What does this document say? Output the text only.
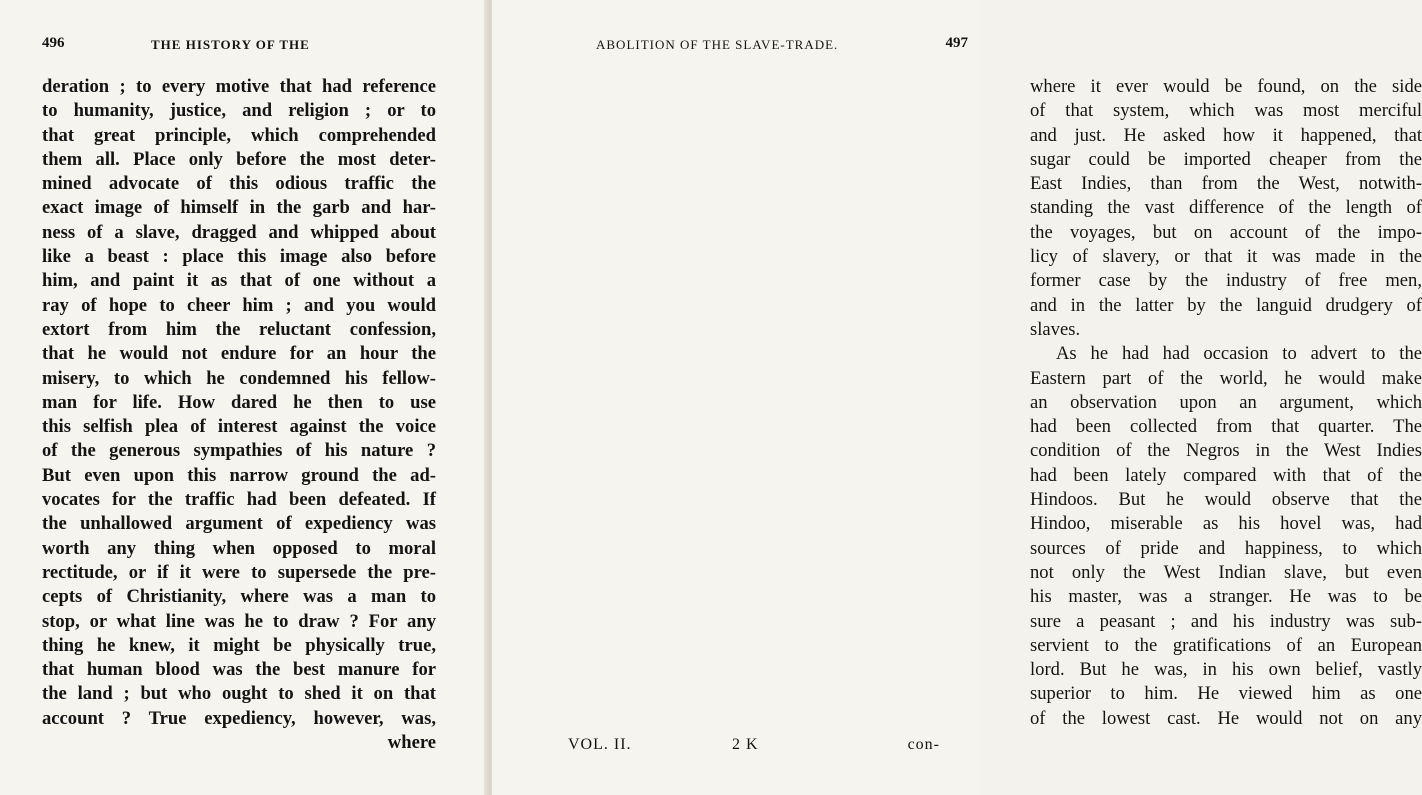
496	THE HISTORY OF THE
deration ; to every motive that had reference
to humanity, justice, and religion ; or to
that great principle, which comprehended
them all. Place only before the most deter-
mined advocate of this odious traffic the
exact image of himself in the garb and har-
ness of a slave, dragged and whipped about
like a beast : place this image also before
him, and paint it as that of one without a
ray of hope to cheer him ; and you would
extort from him the reluctant confession,
that he would not endure for an hour the
misery, to which he condemned his fellow-
man for life. How dared he then to use
this selfish plea of interest against the voice
of the generous sympathies of his nature ?
But even upon this narrow ground the ad-
vocates for the traffic had been defeated. If
the unhallowed argument of expediency was
worth any thing when opposed to moral
rectitude, or if it were to supersede the pre-
cepts of Christianity, where was a man to
stop, or what line was he to draw ? For any
thing he knew, it might be physically true,
that human blood was the best manure for
the land ; but who ought to shed it on that
account ? True expediency, however, was,
where
ABOLITION OF THE SLAVE-TRADE.	497
where it ever would be found, on the side
of that system, which was most merciful
and just. He asked how it happened, that
sugar could be imported cheaper from the
East Indies, than from the West, notwith-
standing the vast difference of the length of
the voyages, but on account of the impo-
licy of slavery, or that it was made in the
former case by the industry of free men,
and in the latter by the languid drudgery of
slaves.
As he had had occasion to advert to the
Eastern part of the world, he would make
an observation upon an argument, which
had been collected from that quarter. The
condition of the Negros in the West Indies
had been lately compared with that of the
Hindoos. But he would observe that the
Hindoo, miserable as his hovel was, had
sources of pride and happiness, to which
not only the West Indian slave, but even
his master, was a stranger. He was to be
sure a peasant ; and his industry was sub-
servient to the gratifications of an European
lord. But he was, in his own belief, vastly
superior to him. He viewed him as one
of the lowest cast. He would not on any
VOL. II.	2 K	con-
